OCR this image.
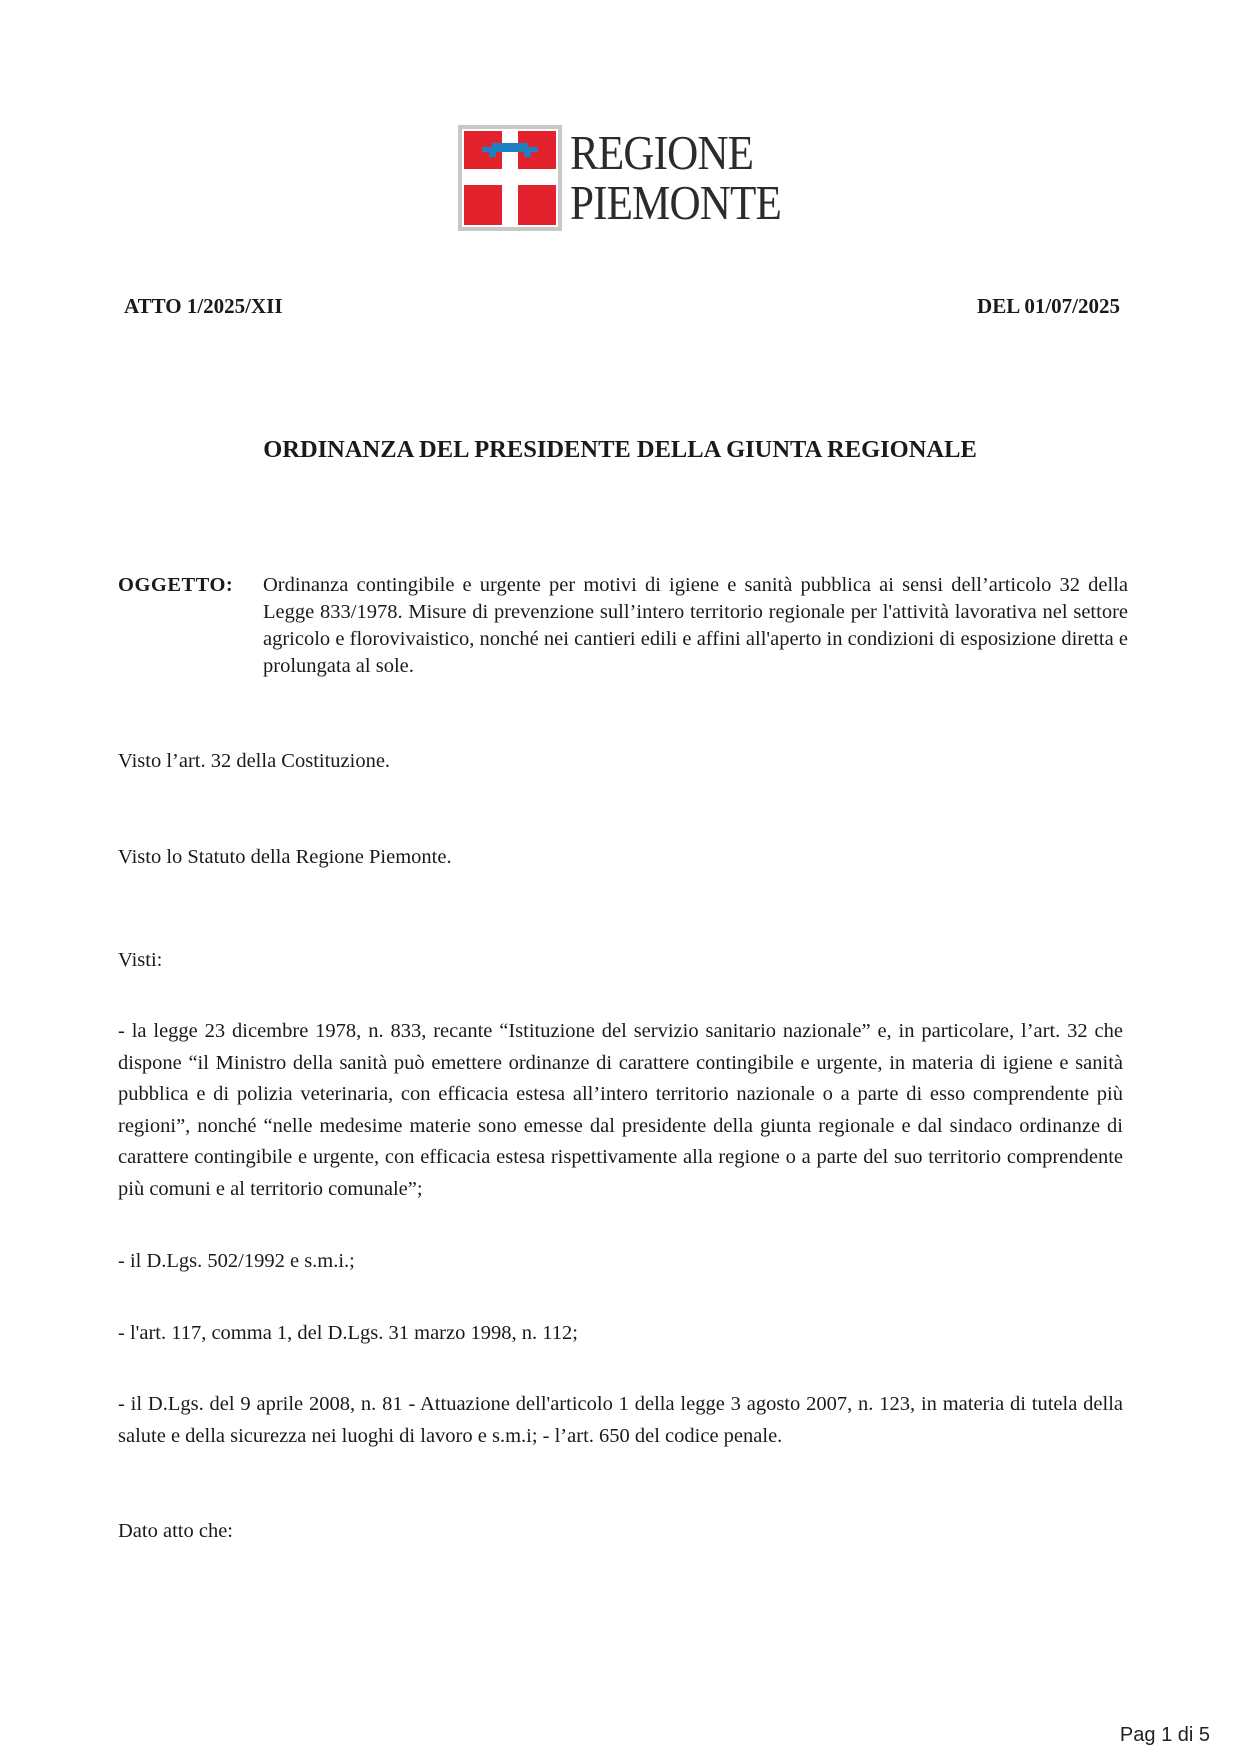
REGIONE
PIEMONTE
ATTO 1/2025/XII	DEL 01/07/2025
ORDINANZA DEL PRESIDENTE DELLA GIUNTA REGIONALE
OGGETTO:	Ordinanza contingibile e urgente per motivi di igiene e sanità pubblica ai sensi dell’articolo 32 della Legge 833/1978. Misure di prevenzione sull’intero territorio regionale per l'attività lavorativa nel settore agricolo e florovivaistico, nonché nei cantieri edili e affini all'aperto in condizioni di esposizione diretta e prolungata al sole.

Visto l’art. 32 della Costituzione.

Visto lo Statuto della Regione Piemonte.

Visti:

- la legge 23 dicembre 1978, n. 833, recante “Istituzione del servizio sanitario nazionale” e, in particolare, l’art. 32 che dispone “il Ministro della sanità può emettere ordinanze di carattere contingibile e urgente, in materia di igiene e sanità pubblica e di polizia veterinaria, con efficacia estesa all’intero territorio nazionale o a parte di esso comprendente più regioni”, nonché “nelle medesime materie sono emesse dal presidente della giunta regionale e dal sindaco ordinanze di carattere contingibile e urgente, con efficacia estesa rispettivamente alla regione o a parte del suo territorio comprendente più comuni e al territorio comunale”;

- il D.Lgs. 502/1992 e s.m.i.;

- l'art. 117, comma 1, del D.Lgs. 31 marzo 1998, n. 112;

- il D.Lgs. del 9 aprile 2008, n. 81 - Attuazione dell'articolo 1 della legge 3 agosto 2007, n. 123, in materia di tutela della salute e della sicurezza nei luoghi di lavoro e s.m.i; - l’art. 650 del codice penale.

Dato atto che:

Pag 1 di 5
